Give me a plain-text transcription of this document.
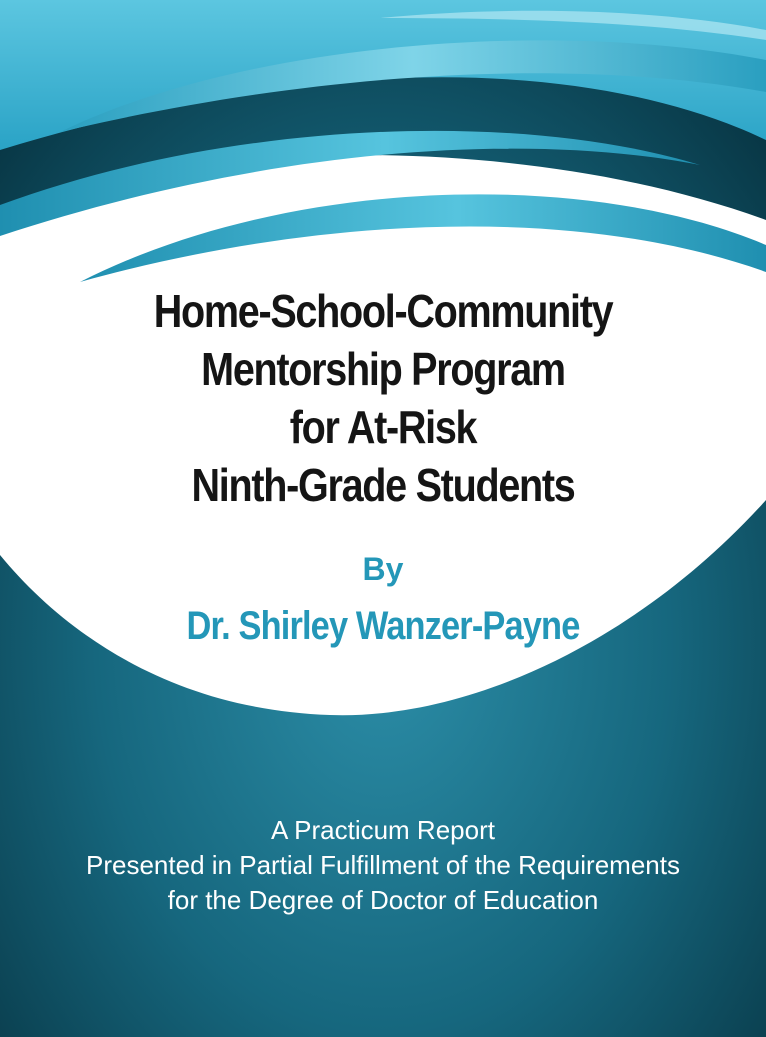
Home-School-Community
Mentorship Program
for At-Risk
Ninth-Grade Students
By
Dr. Shirley Wanzer-Payne
A Practicum Report
Presented in Partial Fulfillment of the Requirements
for the Degree of Doctor of Education
